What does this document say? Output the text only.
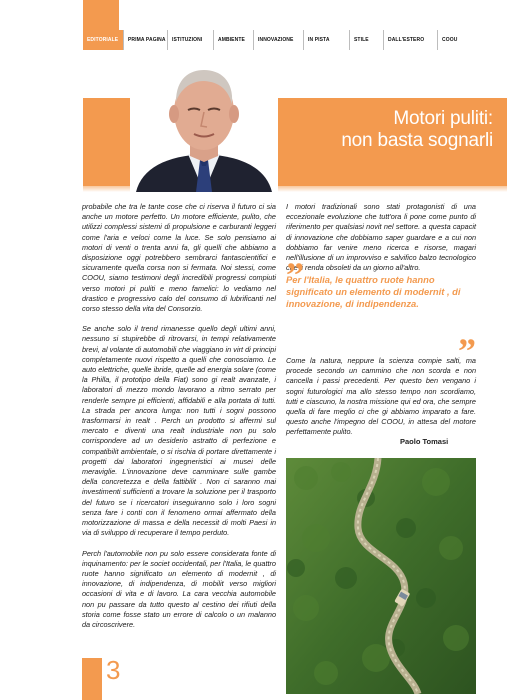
EDITORIALE	PRIMA PAGINA	ISTITUZIONI	AMBIENTE	INNOVAZIONE	IN PISTA	STILE	DALL'ESTERO	COOU
Motori puliti:
non basta sognarli

probabile che tra le tante cose che ci riserva il futuro ci sia anche un motore perfetto. Un motore efficiente, pulito, che utilizzi complessi sistemi di propulsione e carburanti leggeri come l'aria e veloci come la luce. Se solo pensiamo ai motori di venti o trenta anni fa, gli quelli che abbiamo a disposizione oggi potrebbero sembrarci fantascientifici e sicuramente quella corsa non si fermata. Noi stessi, come COOU, siamo testimoni degli incredibili progressi compiuti verso motori pi puliti e meno famelici: lo vediamo nel drastico e progressivo calo del consumo di lubrificanti nel corso stesso della vita del Consorzio.

Se anche solo il trend rimanesse quello degli ultimi anni, nessuno si stupirebbe di ritrovarsi, in tempi relativamente brevi, al volante di automobili che viaggiano in virt di principi completamente nuovi rispetto a quelli che conosciamo. Le auto elettriche, quelle ibride, quelle ad energia solare (come la Philla, il prototipo della Fiat) sono gi realt avanzate, i laboratori di mezzo mondo lavorano a ritmo serrato per renderle sempre pi efficienti, affidabili e alla portata di tutti. La strada per ancora lunga: non tutti i sogni possono trasformarsi in realt . Perch un prodotto si affermi sul mercato e diventi una realt industriale non pu solo corrispondere ad un desiderio astratto di perfezione e compatibilit ambientale, o si rischia di portare direttamente i progetti dai laboratori ingegneristici ai musei delle meraviglie. L'innovazione deve camminare sulle gambe della concretezza e della fattibilit . Non ci saranno mai investimenti sufficienti a trovare la soluzione per il trasporto del futuro se i ricercatori inseguiranno solo i loro sogni senza fare i conti con il fenomeno ormai affermato della motorizzazione di massa e della necessit di molti Paesi in via di sviluppo di recuperare il tempo perduto.

Perch l'automobile non pu solo essere considerata fonte di inquinamento: per le societ occidentali, per l'Italia, le quattro ruote hanno significato un elemento di modernit , di innovazione, di indipendenza, di mobilit verso migliori occasioni di vita e di lavoro. La cara vecchia automobile non pu passare da tutto questo al cestino dei rifiuti della storia come fosse stato un errore di calcolo o un malanno da circoscrivere.

I motori tradizionali sono stati protagonisti di una eccezionale evoluzione che tutt'ora li pone come punto di riferimento per qualsiasi novit nel settore. a questa capacit di innovazione che dobbiamo saper guardare e a cui non dobbiamo far venire meno ricerca e risorse, magari nell'illusione di un improvviso e salvifico balzo tecnologico che li renda obsoleti da un giorno all'altro.

”
Per l'Italia, le quattro ruote hanno significato un elemento di modernit , di innovazione, di indipendenza.
”

Come la natura, neppure la scienza compie salti, ma procede secondo un cammino che non scorda e non cancella i passi precedenti. Per questo ben vengano i sogni futurologici ma allo stesso tempo non scordiamo, tutti e ciascuno, la nostra missione qui ed ora, che sempre quella di fare meglio ci che gi abbiamo imparato a fare. questo anche l'impegno del COOU, in attesa del motore perfettamente pulito.

Paolo Tomasi
3
